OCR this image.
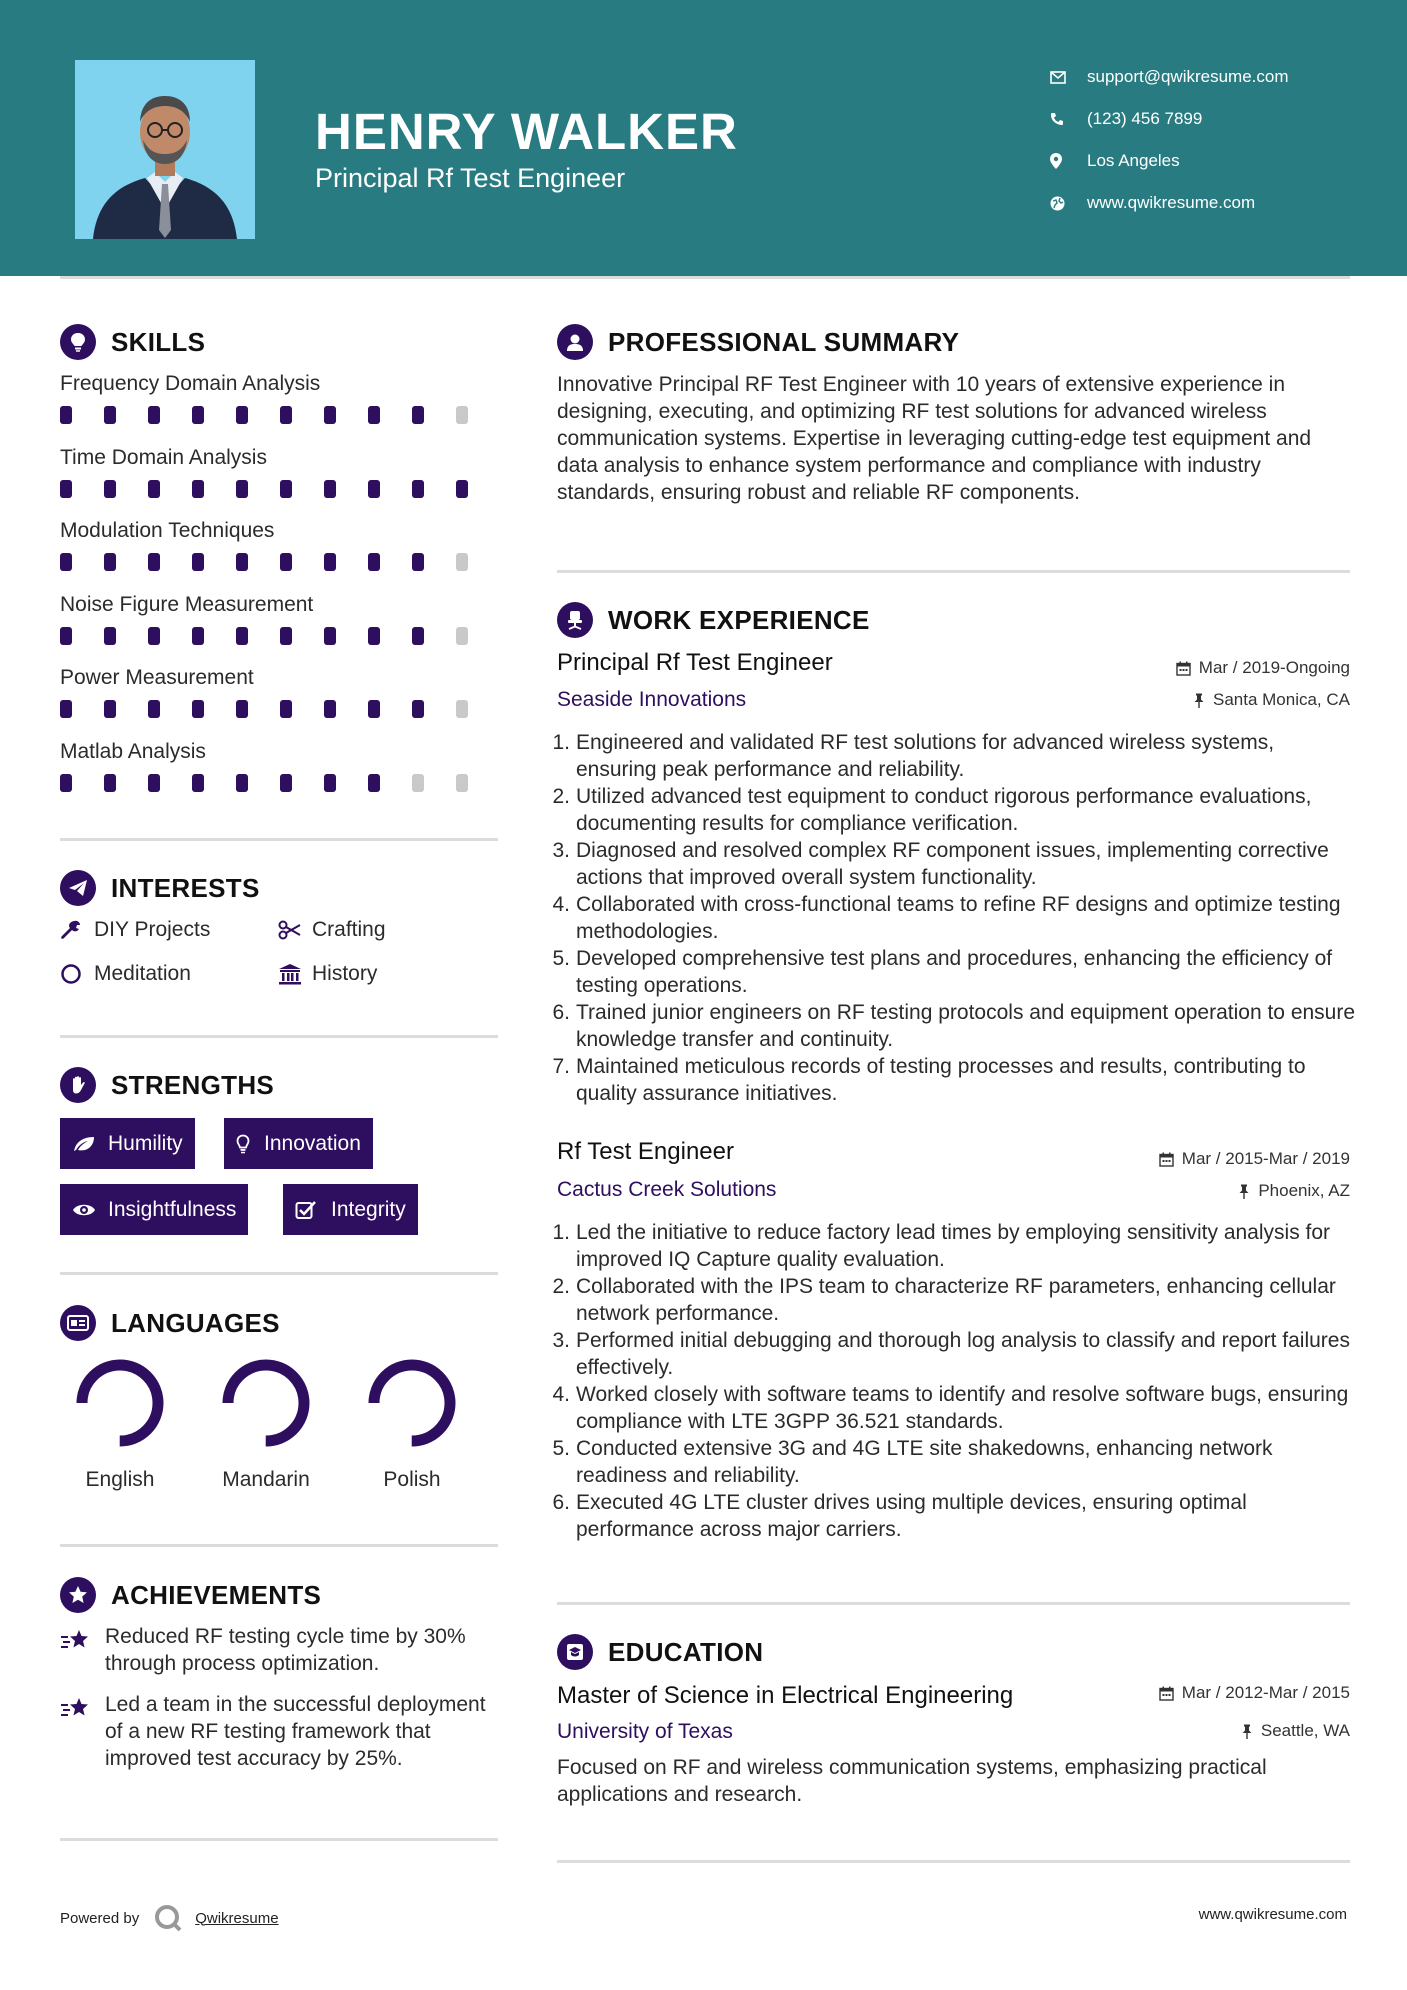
HENRY WALKER
Principal Rf Test Engineer
support@qwikresume.com
(123) 456 7899
Los Angeles
www.qwikresume.com
SKILLS
Frequency Domain Analysis
Time Domain Analysis
Modulation Techniques
Noise Figure Measurement
Power Measurement
Matlab Analysis
INTERESTS
DIY Projects	Crafting
Meditation	History
STRENGTHS
Humility	Innovation
Insightfulness	Integrity
LANGUAGES
English	Mandarin	Polish
ACHIEVEMENTS
Reduced RF testing cycle time by 30% through process optimization.
Led a team in the successful deployment of a new RF testing framework that improved test accuracy by 25%.
PROFESSIONAL SUMMARY
Innovative Principal RF Test Engineer with 10 years of extensive experience in designing, executing, and optimizing RF test solutions for advanced wireless communication systems. Expertise in leveraging cutting-edge test equipment and data analysis to enhance system performance and compliance with industry standards, ensuring robust and reliable RF components.
WORK EXPERIENCE
Principal Rf Test Engineer	Mar / 2019-Ongoing
Seaside Innovations	Santa Monica, CA
1. Engineered and validated RF test solutions for advanced wireless systems, ensuring peak performance and reliability.
2. Utilized advanced test equipment to conduct rigorous performance evaluations, documenting results for compliance verification.
3. Diagnosed and resolved complex RF component issues, implementing corrective actions that improved overall system functionality.
4. Collaborated with cross-functional teams to refine RF designs and optimize testing methodologies.
5. Developed comprehensive test plans and procedures, enhancing the efficiency of testing operations.
6. Trained junior engineers on RF testing protocols and equipment operation to ensure knowledge transfer and continuity.
7. Maintained meticulous records of testing processes and results, contributing to quality assurance initiatives.
Rf Test Engineer	Mar / 2015-Mar / 2019
Cactus Creek Solutions	Phoenix, AZ
1. Led the initiative to reduce factory lead times by employing sensitivity analysis for improved IQ Capture quality evaluation.
2. Collaborated with the IPS team to characterize RF parameters, enhancing cellular network performance.
3. Performed initial debugging and thorough log analysis to classify and report failures effectively.
4. Worked closely with software teams to identify and resolve software bugs, ensuring compliance with LTE 3GPP 36.521 standards.
5. Conducted extensive 3G and 4G LTE site shakedowns, enhancing network readiness and reliability.
6. Executed 4G LTE cluster drives using multiple devices, ensuring optimal performance across major carriers.
EDUCATION
Master of Science in Electrical Engineering	Mar / 2012-Mar / 2015
University of Texas	Seattle, WA
Focused on RF and wireless communication systems, emphasizing practical applications and research.
Powered by	Qwikresume	www.qwikresume.com
